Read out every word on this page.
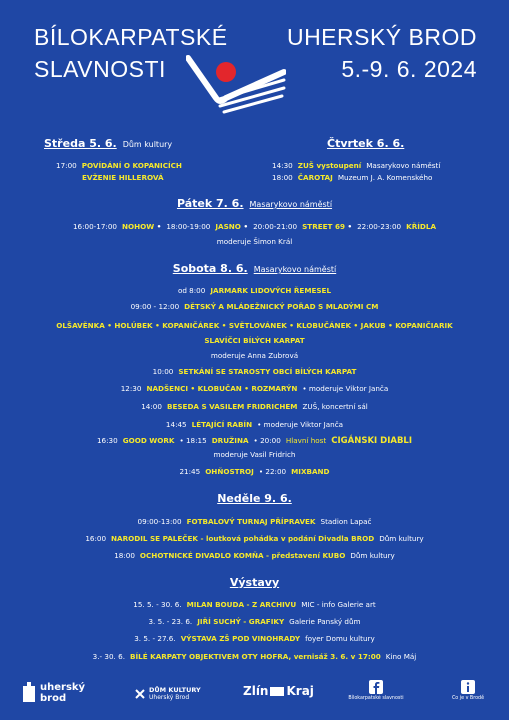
BÍLOKARPATSKÉ
SLAVNOSTI
UHERSKÝ BROD
5.-9. 6. 2024
Středa 5. 6. Dům kultury
17:00 POVÍDÁNÍ O KOPANICÍCH
EVŽENIE HILLEROVÁ
Čtvrtek 6. 6.
14:30 ZUŠ vystoupení Masarykovo náměstí
18:00 ČAROTAJ Muzeum J. A. Komenského
Pátek 7. 6. Masarykovo náměstí
16:00-17:00 NOHOW • 18:00-19:00 JASNO • 20:00-21:00 STREET 69 • 22:00-23:00 KŘÍDLA
moderuje Šimon Král
Sobota 8. 6. Masarykovo náměstí
od 8:00 JARMARK LIDOVÝCH ŘEMESEL
09:00 - 12:00 DĚTSKÝ A MLÁDEŽNICKÝ POŘAD S MLADÝMI CM
OLŠAVĚNKA • HOLÚBEK • KOPANIČÁREK • SVĚTLOVÁNEK • KLOBUČÁNEK • JAKUB • KOPANIČIARIK
SLAVÍČCI BÍLÝCH KARPAT
moderuje Anna Zubrová
10:00 SETKÁNÍ SE STAROSTY OBCÍ BÍLÝCH KARPAT
12:30 NADŠENCI • KLOBUČAN • ROZMARÝN • moderuje Viktor Janča
14:00 BESEDA S VASILEM FRIDRICHEM ZUŠ, koncertní sál
14:45 LÉTAJÍCÍ RABÍN • moderuje Viktor Janča
16:30 GOOD WORK • 18:15 DRUŽINA • 20:00 Hlavní host CIGÁNSKI DIABLI
moderuje Vasil Fridrich
21:45 OHŇOSTROJ • 22:00 MIXBAND
Neděle 9. 6.
09:00-13:00 FOTBALOVÝ TURNAJ PŘÍPRAVEK Stadion Lapač
16:00 NARODIL SE PALEČEK - loutková pohádka v podání Divadla BROD Dům kultury
18:00 OCHOTNICKÉ DIVADLO KOMŇA - představení KUBO Dům kultury
Výstavy
15. 5. - 30. 6. MILAN BOUDA - Z ARCHIVU MIC - info Galerie art
3. 5. - 23. 6. JIŘÍ SUCHÝ - GRAFIKY Galerie Panský dům
3. 5. - 27.6. VÝSTAVA ZŠ POD VINOHRADY foyer Domu kultury
3.- 30. 6. BÍLÉ KARPATY OBJEKTIVEM OTY HOFRA, vernisáž 3. 6. v 17:00 Kino Máj
uherský
brod
DŮM KULTURY
Uherský Brod	Zlín Kraj
Bílokarpatské slavnosti	Co je v Brodě
